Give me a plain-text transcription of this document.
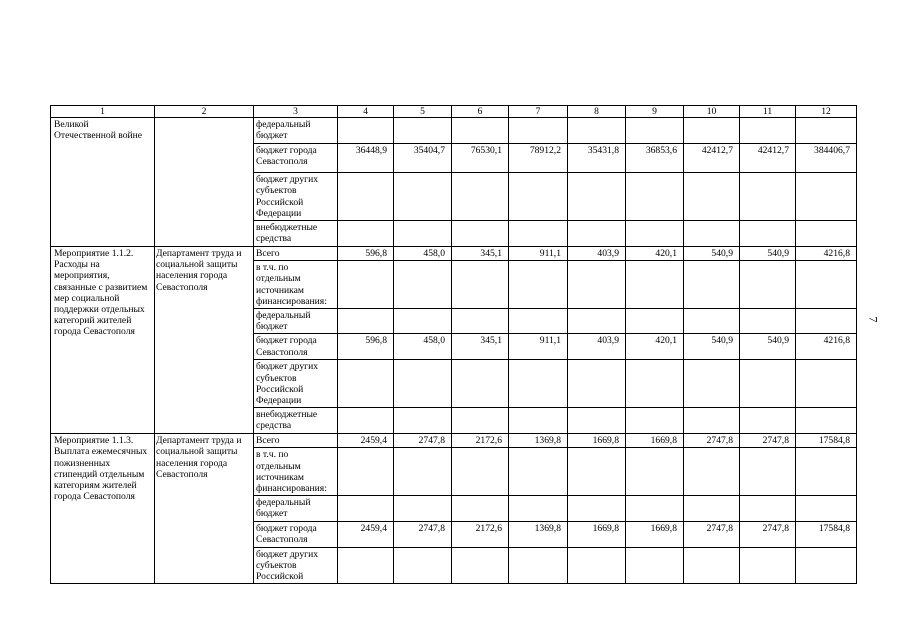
1	2	3	4	5	6	7	8	9	10	11	12
Великой Отечественной войне		федеральный бюджет									
		бюджет города Севастополя	36448,9	35404,7	76530,1	78912,2	35431,8	36853,6	42412,7	42412,7	384406,7
		бюджет других субъектов Российской Федерации									
		внебюджетные средства									
Мероприятие 1.1.2. Расходы на мероприятия, связанные с развитием мер социальной поддержки отдельных категорий жителей города Севастополя	Департамент труда и социальной защиты населения города Севастополя	Всего	596,8	458,0	345,1	911,1	403,9	420,1	540,9	540,9	4216,8
		в т.ч. по отдельным источникам финансирования:									
		федеральный бюджет									
		бюджет города Севастополя	596,8	458,0	345,1	911,1	403,9	420,1	540,9	540,9	4216,8
		бюджет других субъектов Российской Федерации									
		внебюджетные средства									
Мероприятие 1.1.3. Выплата ежемесячных пожизненных стипендий отдельным категориям жителей города Севастополя	Департамент труда и социальной защиты населения города Севастополя	Всего	2459,4	2747,8	2172,6	1369,8	1669,8	1669,8	2747,8	2747,8	17584,8
		в т.ч. по отдельным источникам финансирования:									
		федеральный бюджет									
		бюджет города Севастополя	2459,4	2747,8	2172,6	1369,8	1669,8	1669,8	2747,8	2747,8	17584,8
		бюджет других субъектов Российской									
7
